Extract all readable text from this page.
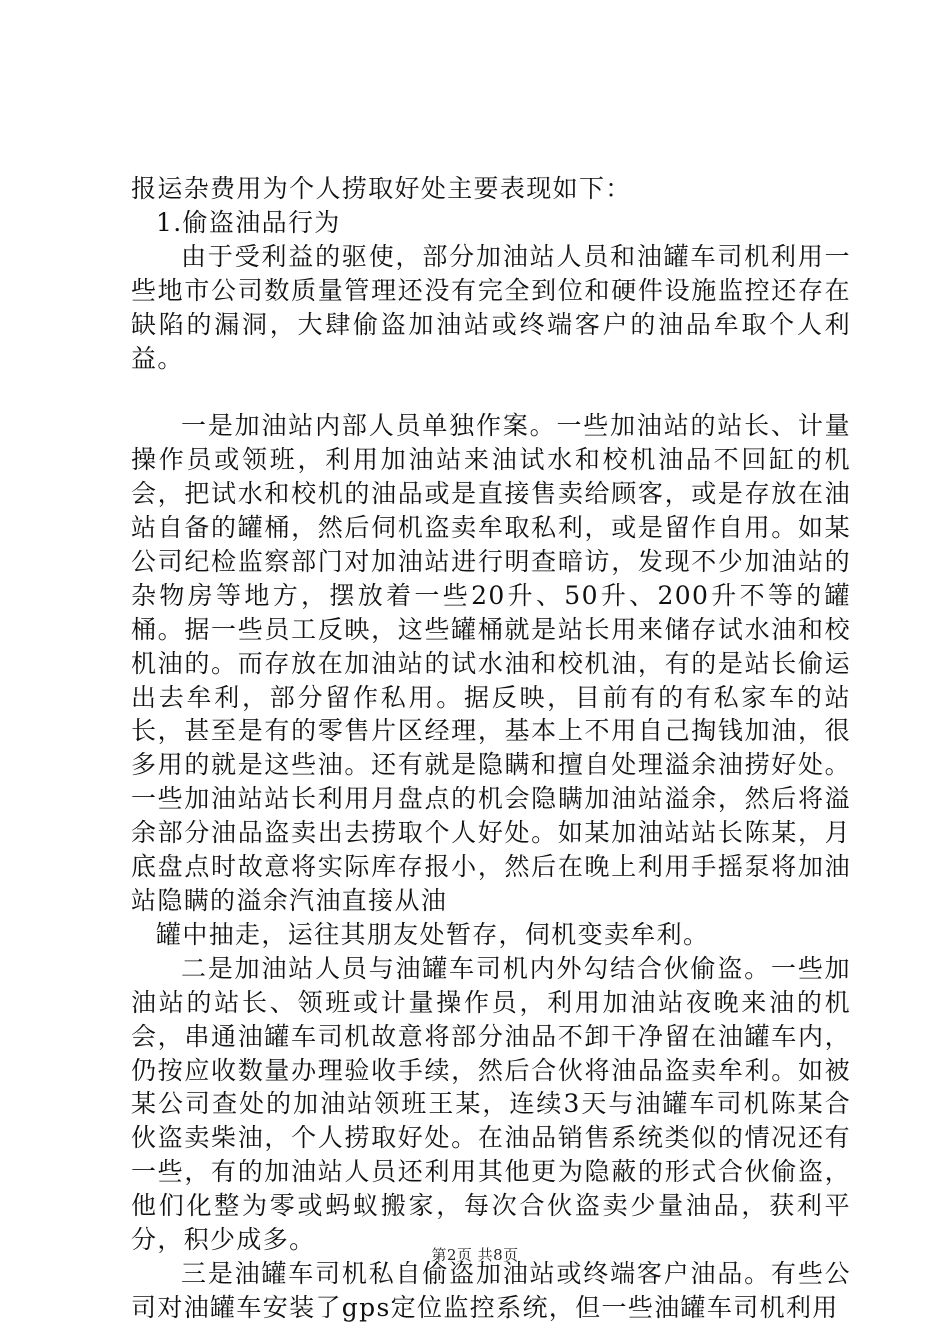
报运杂费用为个人捞取好处主要表现如下：

1.偷盗油品行为

由于受利益的驱使，部分加油站人员和油罐车司机利用一些地市公司数质量管理还没有完全到位和硬件设施监控还存在缺陷的漏洞，大肆偷盗加油站或终端客户的油品牟取个人利益。

一是加油站内部人员单独作案。一些加油站的站长、计量操作员或领班，利用加油站来油试水和校机油品不回缸的机会，把试水和校机的油品或是直接售卖给顾客，或是存放在油站自备的罐桶，然后伺机盗卖牟取私利，或是留作自用。如某公司纪检监察部门对加油站进行明查暗访，发现不少加油站的杂物房等地方，摆放着一些20升、50升、200升不等的罐桶。据一些员工反映，这些罐桶就是站长用来储存试水油和校机油的。而存放在加油站的试水油和校机油，有的是站长偷运出去牟利，部分留作私用。据反映，目前有的有私家车的站长，甚至是有的零售片区经理，基本上不用自己掏钱加油，很多用的就是这些油。还有就是隐瞒和擅自处理溢余油捞好处。一些加油站站长利用月盘点的机会隐瞒加油站溢余，然后将溢余部分油品盗卖出去捞取个人好处。如某加油站站长陈某，月底盘点时故意将实际库存报小，然后在晚上利用手摇泵将加油站隐瞒的溢余汽油直接从油

罐中抽走，运往其朋友处暂存，伺机变卖牟利。

二是加油站人员与油罐车司机内外勾结合伙偷盗。一些加油站的站长、领班或计量操作员，利用加油站夜晚来油的机会，串通油罐车司机故意将部分油品不卸干净留在油罐车内，仍按应收数量办理验收手续，然后合伙将油品盗卖牟利。如被某公司查处的加油站领班王某，连续3天与油罐车司机陈某合伙盗卖柴油，个人捞取好处。在油品销售系统类似的情况还有一些，有的加油站人员还利用其他更为隐蔽的形式合伙偷盗，他们化整为零或蚂蚁搬家，每次合伙盗卖少量油品，获利平分，积少成多。

三是油罐车司机私自偷盗加油站或终端客户油品。有些公司对油罐车安装了gps定位监控系统，但一些油罐车司机利用

第2页 共8页
